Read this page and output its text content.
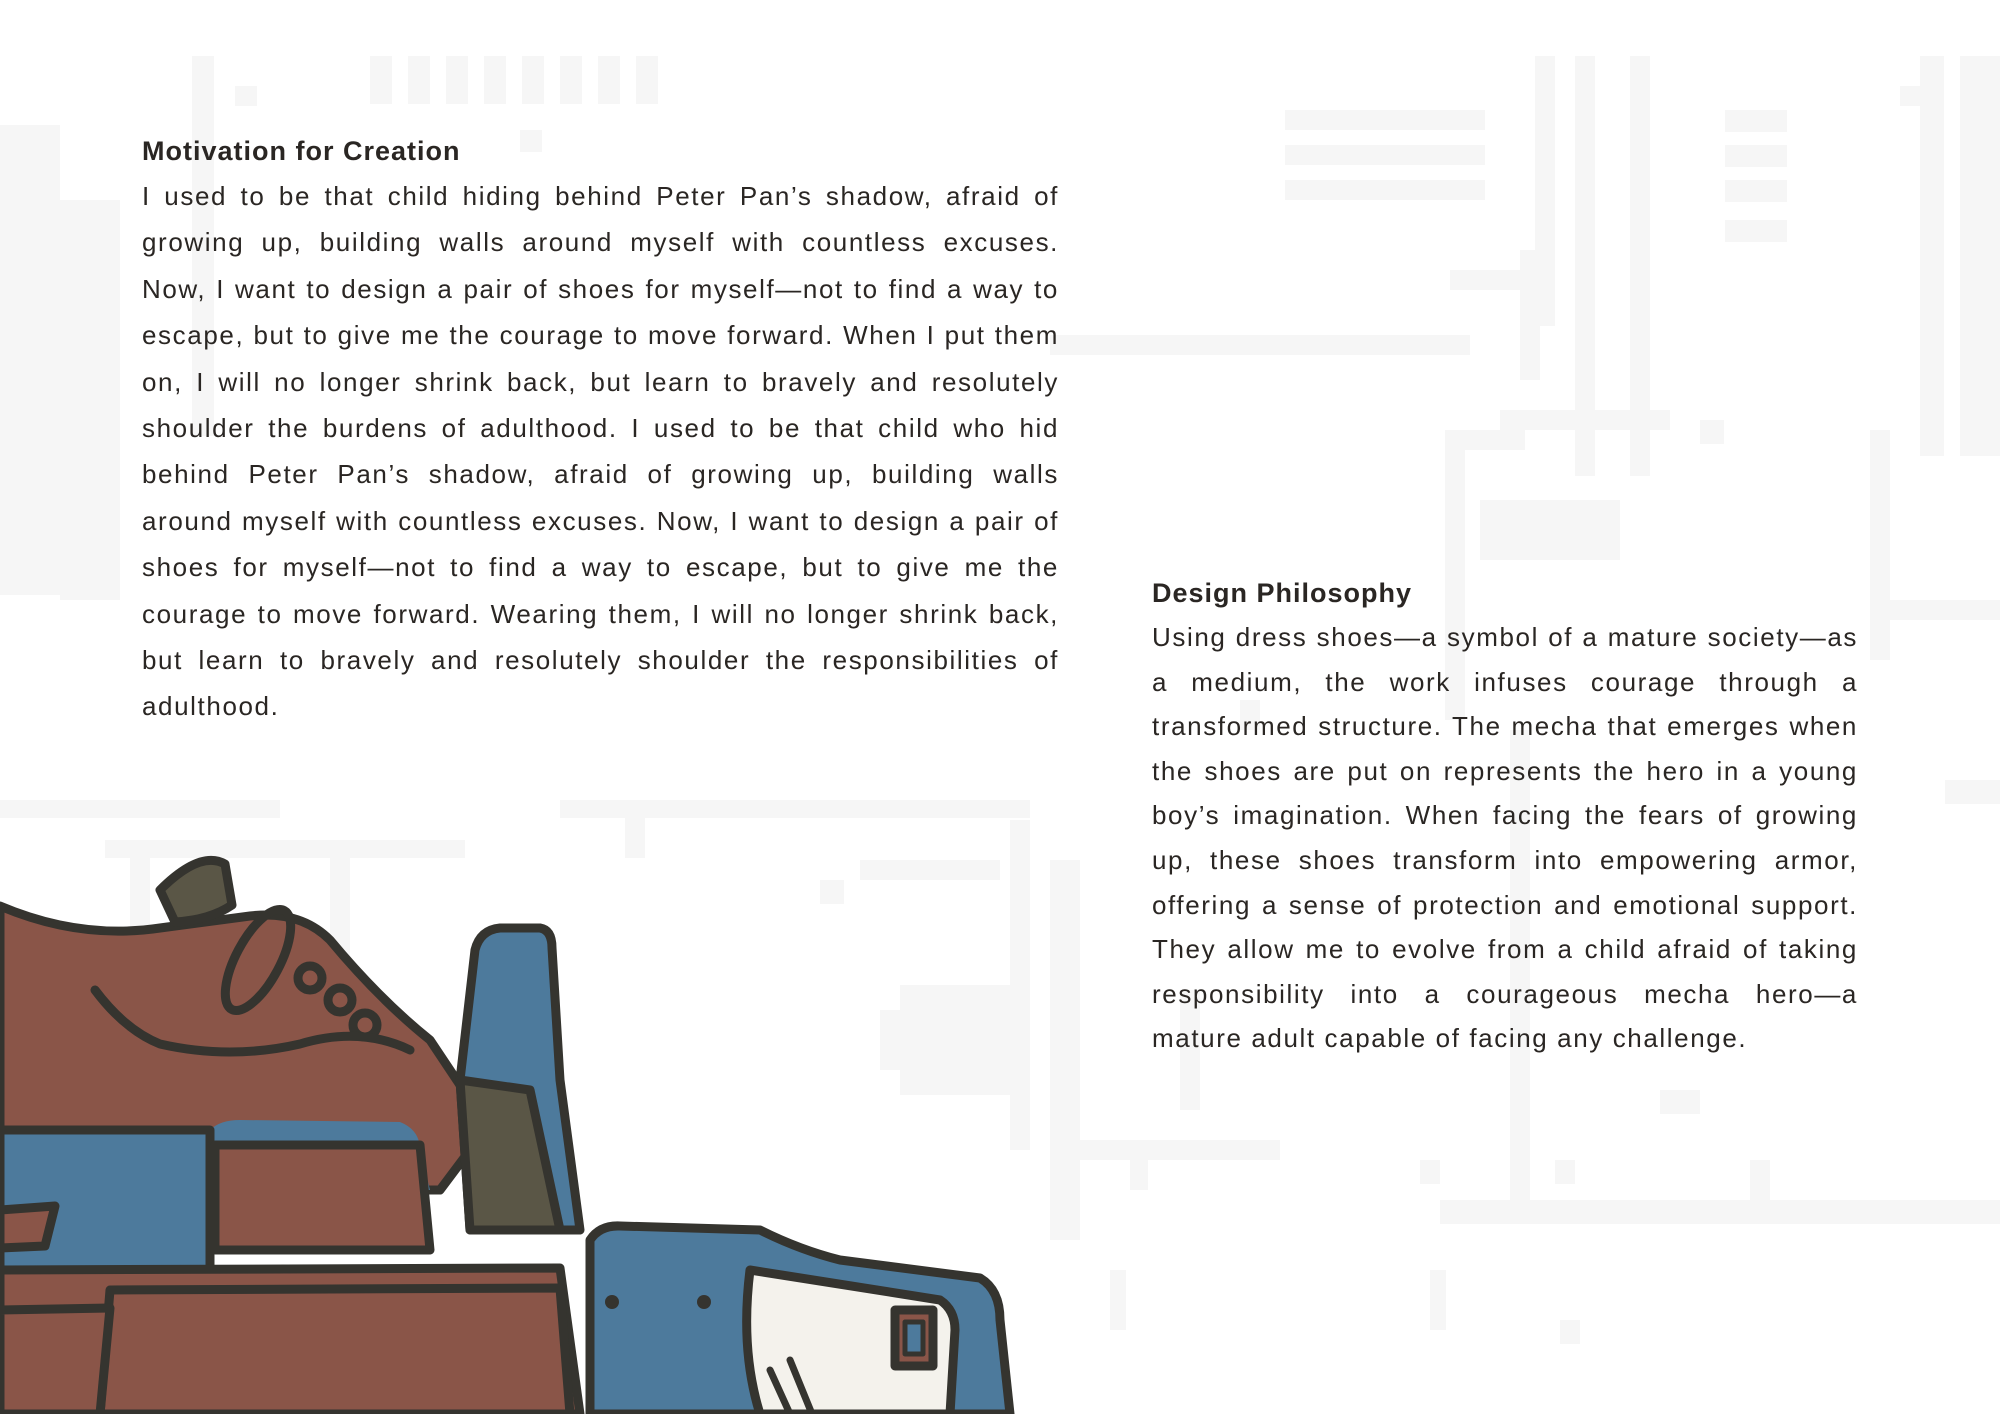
Motivation for Creation

I used to be that child hiding behind Peter Pan’s shadow, afraid of growing up, building walls around myself with countless excuses. Now, I want to design a pair of shoes for myself—not to find a way to escape, but to give me the courage to move forward. When I put them on, I will no longer shrink back, but learn to bravely and resolutely shoulder the burdens of adulthood. I used to be that child who hid behind Peter Pan’s shadow, afraid of growing up, building walls around myself with countless excuses. Now, I want to design a pair of shoes for myself—not to find a way to escape, but to give me the courage to move forward. Wearing them, I will no longer shrink back, but learn to bravely and resolutely shoulder the responsibilities of adulthood.

Design Philosophy

Using dress shoes—a symbol of a mature society—as a medium, the work infuses courage through a transformed structure. The mecha that emerges when the shoes are put on represents the hero in a young boy’s imagination. When facing the fears of growing up, these shoes transform into empowering armor, offering a sense of protection and emotional support. They allow me to evolve from a child afraid of taking responsibility into a courageous mecha hero—a mature adult capable of facing any challenge.
